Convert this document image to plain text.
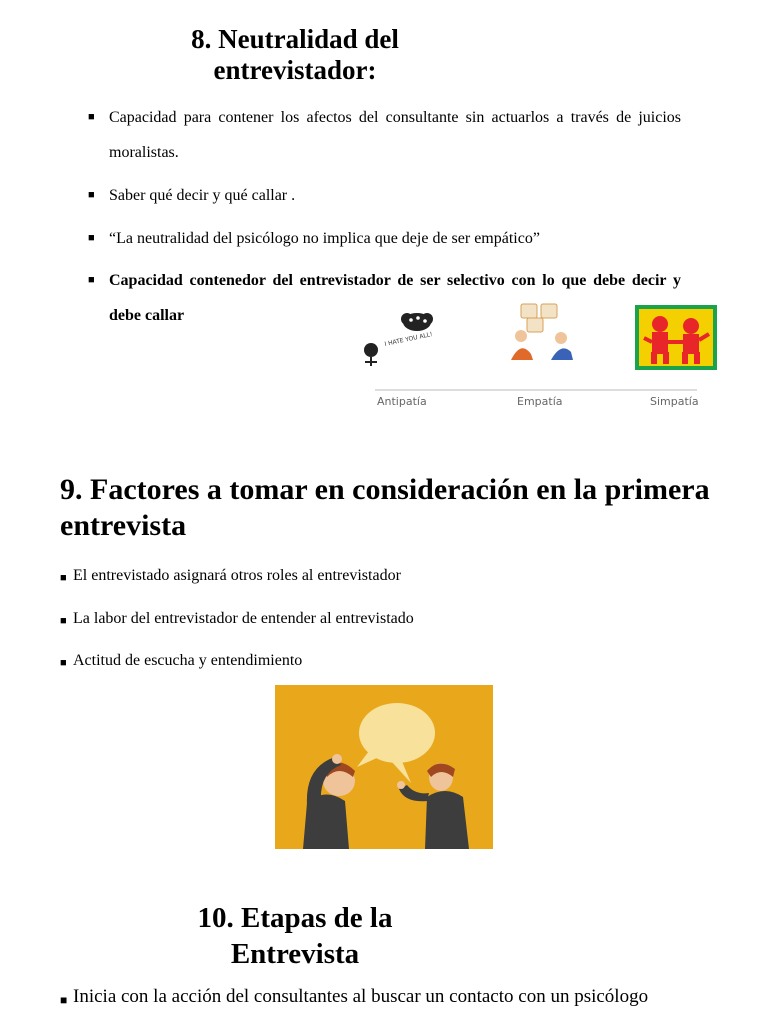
8. Neutralidad del entrevistador:
■ Capacidad para contener los afectos del consultante sin actuarlos a través de juicios moralistas.
■ Saber qué decir y qué callar .
■ “La neutralidad del psicólogo no implica que deje de ser empático”
■ Capacidad contenedor del entrevistador de ser selectivo con lo que debe decir y debe callar
I HATE YOU ALL!
Antipatía	Empatía	Simpatía
9. Factores a tomar en consideración en la primera entrevista
■ El entrevistado asignará otros roles al entrevistador
■ La labor del entrevistador de entender al entrevistado
■ Actitud de escucha y entendimiento
10. Etapas de la Entrevista
■ Inicia con la acción del consultantes al buscar un contacto con un psicólogo
